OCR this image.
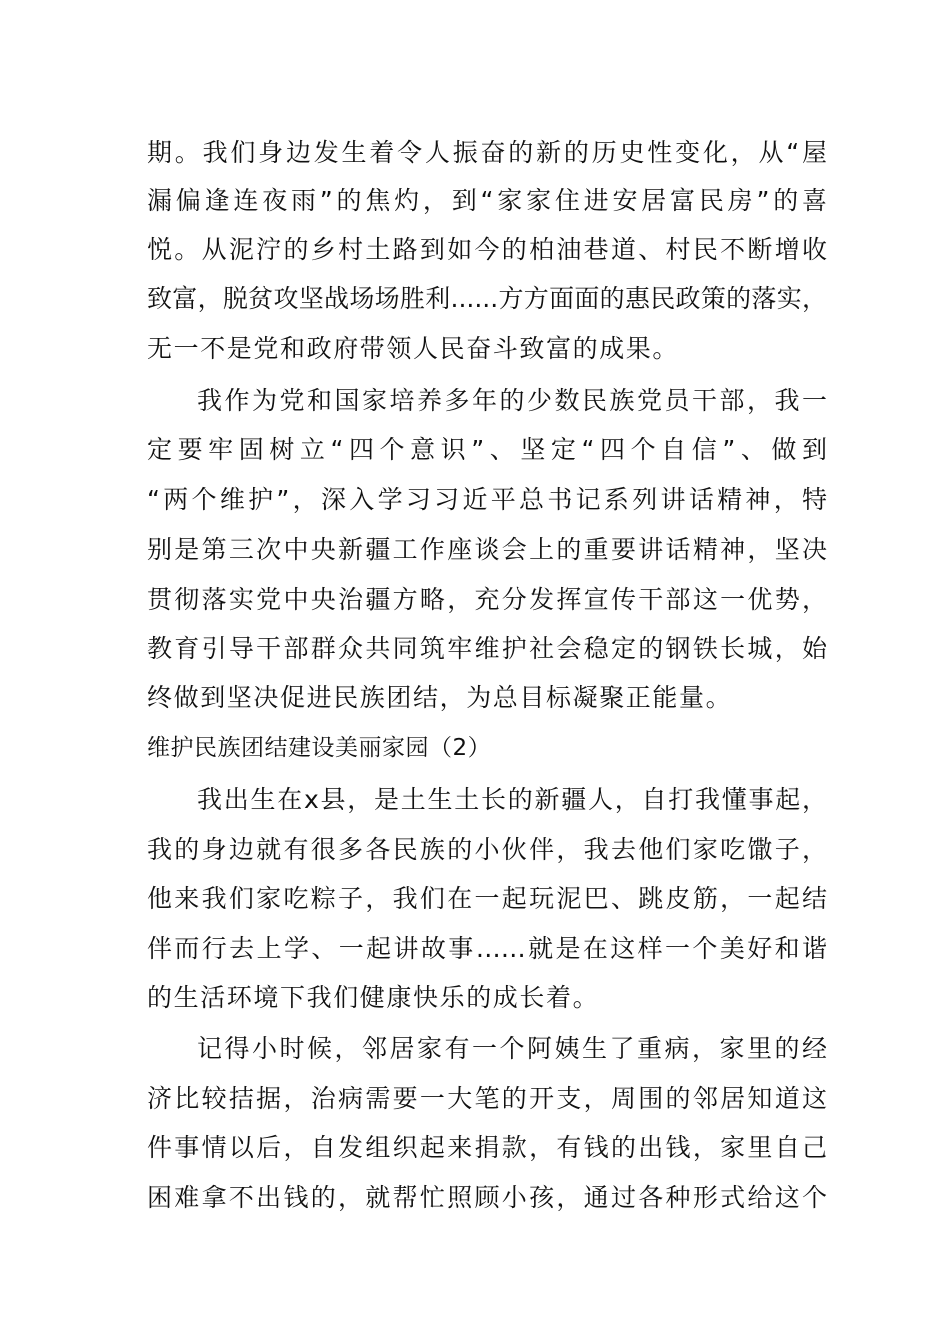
期。我们身边发生着令人振奋的新的历史性变化，从“屋
漏偏逢连夜雨”的焦灼，到“家家住进安居富民房”的喜
悦。从泥泞的乡村土路到如今的柏油巷道、村民不断增收
致富，脱贫攻坚战场场胜利......方方面面的惠民政策的落实，
无一不是党和政府带领人民奋斗致富的成果。
我作为党和国家培养多年的少数民族党员干部，我一
定要牢固树立“四个意识”、坚定“四个自信”、做到
“两个维护”，深入学习习近平总书记系列讲话精神，特
别是第三次中央新疆工作座谈会上的重要讲话精神，坚决
贯彻落实党中央治疆方略，充分发挥宣传干部这一优势，
教育引导干部群众共同筑牢维护社会稳定的钢铁长城，始
终做到坚决促进民族团结，为总目标凝聚正能量。
维护民族团结建设美丽家园（2）
我出生在x县，是土生土长的新疆人，自打我懂事起，
我的身边就有很多各民族的小伙伴，我去他们家吃馓子，
他来我们家吃粽子，我们在一起玩泥巴、跳皮筋，一起结
伴而行去上学、一起讲故事……就是在这样一个美好和谐
的生活环境下我们健康快乐的成长着。
记得小时候，邻居家有一个阿姨生了重病，家里的经
济比较拮据，治病需要一大笔的开支，周围的邻居知道这
件事情以后，自发组织起来捐款，有钱的出钱，家里自己
困难拿不出钱的，就帮忙照顾小孩，通过各种形式给这个
